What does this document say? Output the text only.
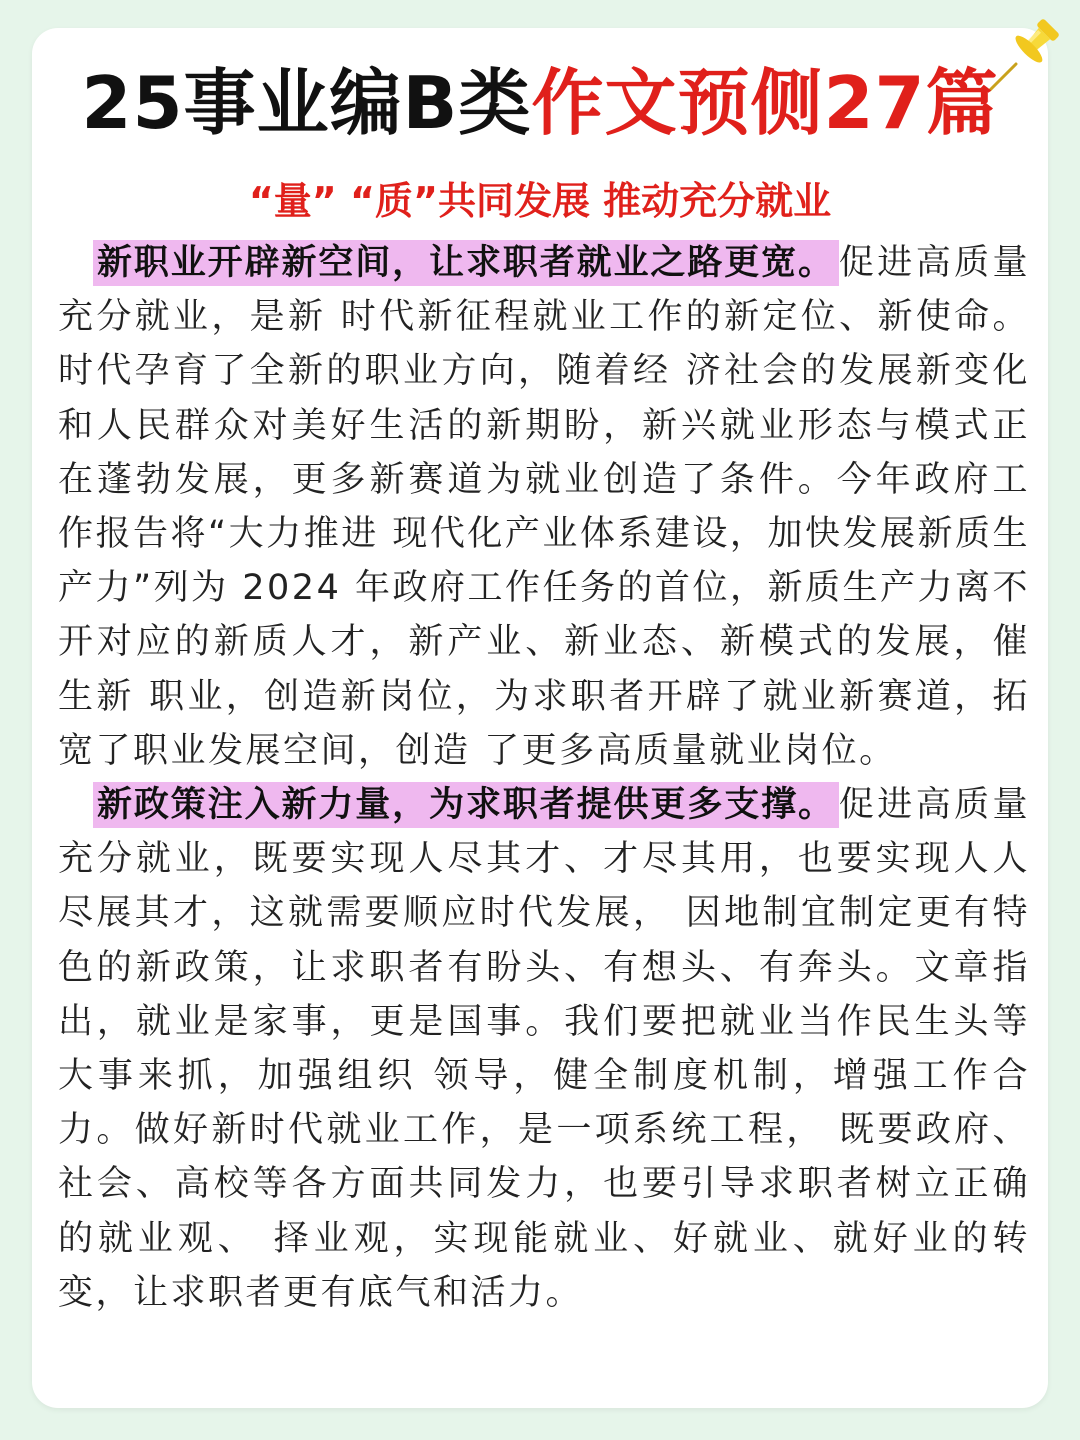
25事业编B类作文预侧27篇
“量” “质”共同发展 推动充分就业

新职业开辟新空间，让求职者就业之路更宽。 促进高质量充分就业，是新 时代新征程就业工作的新定位、新使命。时代孕育了全新的职业方向，随着经 济社会的发展新变化和人民群众对美好生活的新期盼，新兴就业形态与模式正 在蓬勃发展，更多新赛道为就业创造了条件。今年政府工作报告将“大力推进 现代化产业体系建设，加快发展新质生产力”列为 2024 年政府工作任务的首位，新质生产力离不开对应的新质人才，新产业、新业态、新模式的发展，催生新 职业，创造新岗位，为求职者开辟了就业新赛道，拓宽了职业发展空间，创造 了更多高质量就业岗位。

新政策注入新力量，为求职者提供更多支撑。 促进高质量充分就业，既要实现人尽其才、才尽其用，也要实现人人尽展其才，这就需要顺应时代发展， 因地制宜制定更有特色的新政策，让求职者有盼头、有想头、有奔头。文章指 出，就业是家事，更是国事。我们要把就业当作民生头等大事来抓，加强组织 领导，健全制度机制，增强工作合力。做好新时代就业工作，是一项系统工程， 既要政府、社会、高校等各方面共同发力，也要引导求职者树立正确的就业观、 择业观，实现能就业、好就业、就好业的转变，让求职者更有底气和活力。
